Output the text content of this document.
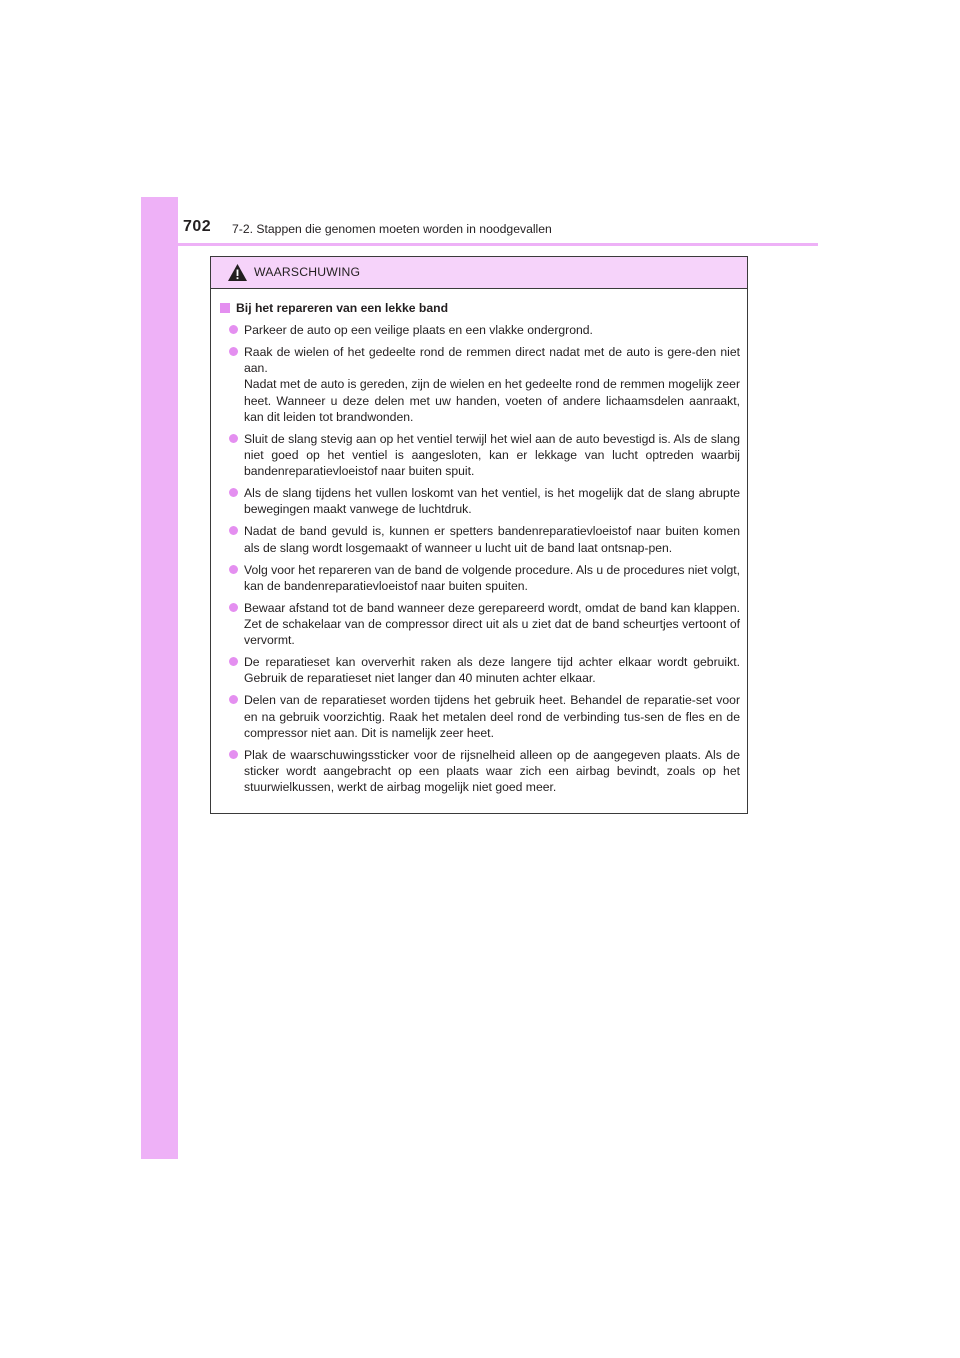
702 7-2. Stappen die genomen moeten worden in noodgevallen
WAARSCHUWING
Bij het repareren van een lekke band
Parkeer de auto op een veilige plaats en een vlakke ondergrond.
Raak de wielen of het gedeelte rond de remmen direct nadat met de auto is gere-den niet aan.
Nadat met de auto is gereden, zijn de wielen en het gedeelte rond de remmen mogelijk zeer heet. Wanneer u deze delen met uw handen, voeten of andere lichaamsdelen aanraakt, kan dit leiden tot brandwonden.
Sluit de slang stevig aan op het ventiel terwijl het wiel aan de auto bevestigd is. Als de slang niet goed op het ventiel is aangesloten, kan er lekkage van lucht optreden waarbij bandenreparatievloeistof naar buiten spuit.
Als de slang tijdens het vullen loskomt van het ventiel, is het mogelijk dat de slang abrupte bewegingen maakt vanwege de luchtdruk.
Nadat de band gevuld is, kunnen er spetters bandenreparatievloeistof naar buiten komen als de slang wordt losgemaakt of wanneer u lucht uit de band laat ontsnap-pen.
Volg voor het repareren van de band de volgende procedure. Als u de procedures niet volgt, kan de bandenreparatievloeistof naar buiten spuiten.
Bewaar afstand tot de band wanneer deze gerepareerd wordt, omdat de band kan klappen. Zet de schakelaar van de compressor direct uit als u ziet dat de band scheurtjes vertoont of vervormt.
De reparatieset kan oververhit raken als deze langere tijd achter elkaar wordt gebruikt. Gebruik de reparatieset niet langer dan 40 minuten achter elkaar.
Delen van de reparatieset worden tijdens het gebruik heet. Behandel de reparatie-set voor en na gebruik voorzichtig. Raak het metalen deel rond de verbinding tus-sen de fles en de compressor niet aan. Dit is namelijk zeer heet.
Plak de waarschuwingssticker voor de rijsnelheid alleen op de aangegeven plaats. Als de sticker wordt aangebracht op een plaats waar zich een airbag bevindt, zoals op het stuurwielkussen, werkt de airbag mogelijk niet goed meer.
